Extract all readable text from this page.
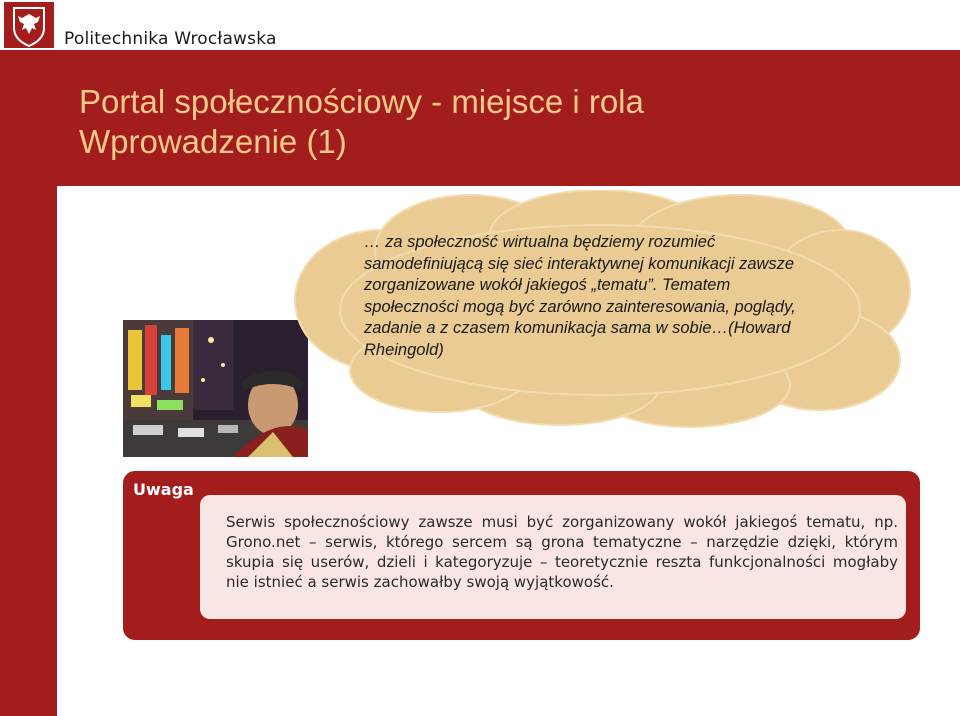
Politechnika Wrocławska
Portal społecznościowy - miejsce i rola
Wprowadzenie (1)

… za społeczność wirtualna będziemy rozumieć samodefiniującą się sieć interaktywnej komunikacji zawsze zorganizowane wokół jakiegoś „tematu”. Tematem społeczności mogą być zarówno zainteresowania, poglądy, zadanie a z czasem komunikacja sama w sobie…(Howard Rheingold)

Uwaga

Serwis społecznościowy zawsze musi być zorganizowany wokół jakiegoś tematu, np. Grono.net – serwis, którego sercem są grona tematyczne – narzędzie dzięki, którym skupia się userów, dzieli i kategoryzuje – teoretycznie reszta funkcjonalności mogłaby nie istnieć a serwis zachowałby swoją wyjątkowość.
